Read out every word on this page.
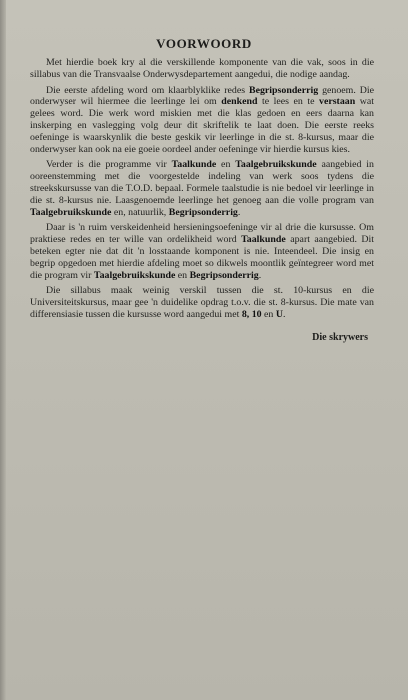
VOORWOORD

Met hierdie boek kry al die verskillende komponente van die vak, soos in die sillabus van die Transvaalse Onderwysdepartement aangedui, die nodige aandag.

Die eerste afdeling word om klaarblyklike redes Begripsonderrig genoem. Die onderwyser wil hiermee die leerlinge lei om denkend te lees en te verstaan wat gelees word. Die werk word miskien met die klas gedoen en eers daarna kan inskerping en vaslegging volg deur dit skriftelik te laat doen. Die eerste reeks oefeninge is waarskynlik die beste geskik vir leerlinge in die st. 8-kursus, maar die onderwyser kan ook na eie goeie oordeel ander oefeninge vir hierdie kursus kies.

Verder is die programme vir Taalkunde en Taalgebruikskunde aangebied in ooreenstemming met die voorgestelde indeling van werk soos tydens die streekskursusse van die T.O.D. bepaal. Formele taalstudie is nie bedoel vir leerlinge in die st. 8-kursus nie. Laasgenoemde leerlinge het genoeg aan die volle program van Taalgebruikskunde en, natuurlik, Begripsonderrig.

Daar is 'n ruim verskeidenheid hersieningsoefeninge vir al drie die kursusse. Om praktiese redes en ter wille van ordelikheid word Taalkunde apart aangebied. Dit beteken egter nie dat dit 'n losstaande komponent is nie. Inteendeel. Die insig en begrip opgedoen met hierdie afdeling moet so dikwels moontlik geïntegreer word met die program vir Taalgebruikskunde en Begripsonderrig.

Die sillabus maak weinig verskil tussen die st. 10-kursus en die Universiteitskursus, maar gee 'n duidelike opdrag t.o.v. die st. 8-kursus. Die mate van differensiasie tussen die kursusse word aangedui met 8, 10 en U.

Die skrywers
